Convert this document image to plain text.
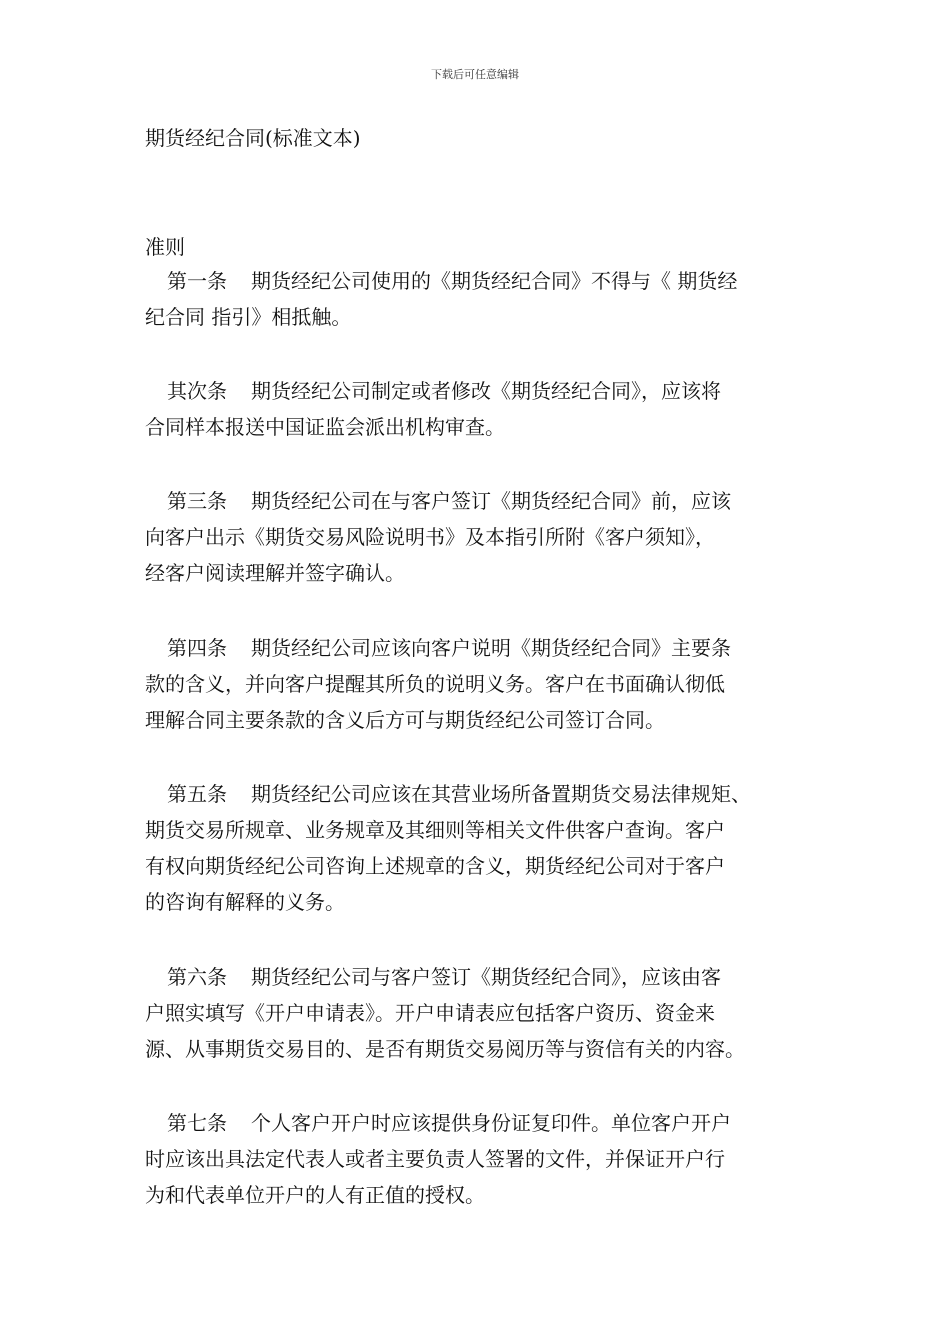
下载后可任意编辑
期货经纪合同(标准文本)
准则
第一条 期货经纪公司使用的《期货经纪合同》不得与《 期货经
纪合同 指引》相抵触。
其次条 期货经纪公司制定或者修改《期货经纪合同》，应该将
合同样本报送中国证监会派出机构审查。
第三条 期货经纪公司在与客户签订《期货经纪合同》前，应该
向客户出示《期货交易风险说明书》及本指引所附《客户须知》，
经客户阅读理解并签字确认。
第四条 期货经纪公司应该向客户说明《期货经纪合同》主要条
款的含义，并向客户提醒其所负的说明义务。客户在书面确认彻低
理解合同主要条款的含义后方可与期货经纪公司签订合同。
第五条 期货经纪公司应该在其营业场所备置期货交易法律规矩、
期货交易所规章、业务规章及其细则等相关文件供客户查询。客户
有权向期货经纪公司咨询上述规章的含义，期货经纪公司对于客户
的咨询有解释的义务。
第六条 期货经纪公司与客户签订《期货经纪合同》，应该由客
户照实填写《开户申请表》。开户申请表应包括客户资历、资金来
源、从事期货交易目的、是否有期货交易阅历等与资信有关的内容。
第七条 个人客户开户时应该提供身份证复印件。单位客户开户
时应该出具法定代表人或者主要负责人签署的文件，并保证开户行
为和代表单位开户的人有正值的授权。
